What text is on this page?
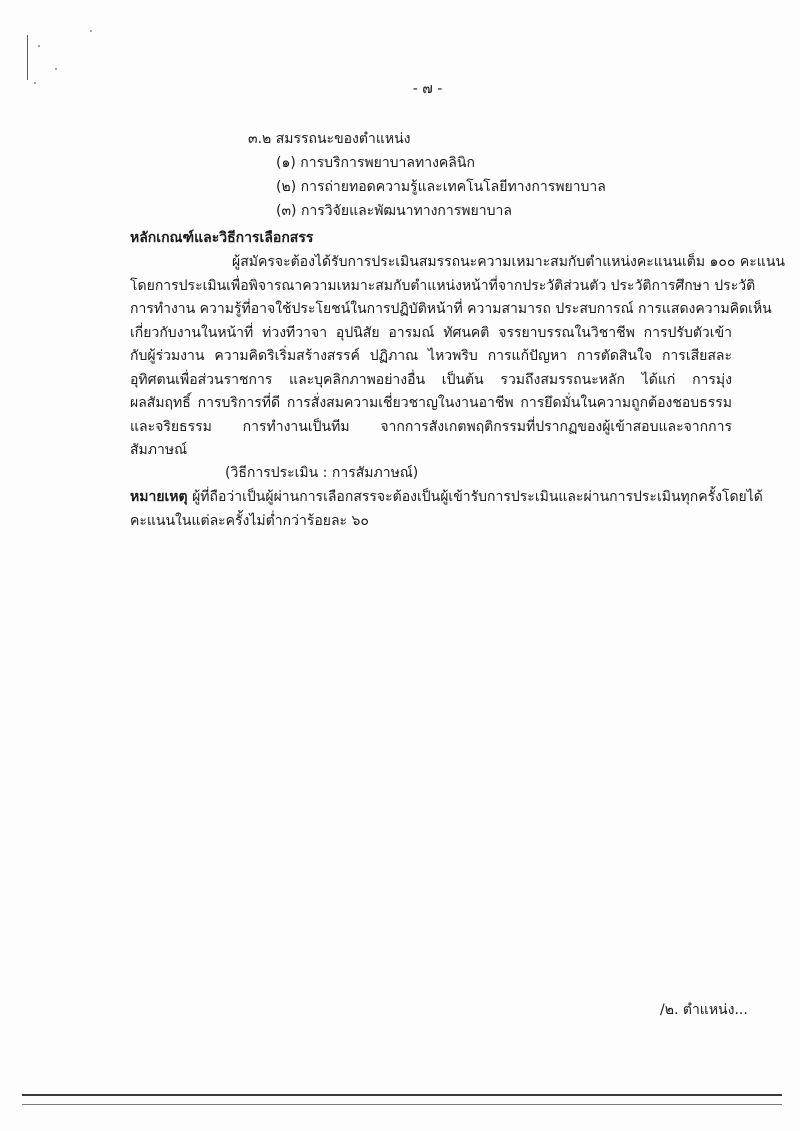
- ๗ -
๓.๒ สมรรถนะของตำแหน่ง
(๑) การบริการพยาบาลทางคลินิก
(๒) การถ่ายทอดความรู้และเทคโนโลยีทางการพยาบาล
(๓) การวิจัยและพัฒนาทางการพยาบาล
หลักเกณฑ์และวิธีการเลือกสรร
ผู้สมัครจะต้องได้รับการประเมินสมรรถนะความเหมาะสมกับตำแหน่งคะแนนเต็ม ๑๐๐ คะแนน
โดยการประเมินเพื่อพิจารณาความเหมาะสมกับตำแหน่งหน้าที่จากประวัติส่วนตัว ประวัติการศึกษา ประวัติ
การทำงาน ความรู้ที่อาจใช้ประโยชน์ในการปฏิบัติหน้าที่ ความสามารถ ประสบการณ์ การแสดงความคิดเห็น
เกี่ยวกับงานในหน้าที่ ท่วงทีวาจา อุปนิสัย อารมณ์ ทัศนคติ จรรยาบรรณในวิชาชีพ การปรับตัวเข้า
กับผู้ร่วมงาน ความคิดริเริ่มสร้างสรรค์ ปฏิภาณ ไหวพริบ การแก้ปัญหา การตัดสินใจ การเสียสละ
อุทิศตนเพื่อส่วนราชการ และบุคลิกภาพอย่างอื่น เป็นต้น รวมถึงสมรรถนะหลัก ได้แก่ การมุ่ง
ผลสัมฤทธิ์ การบริการที่ดี การสั่งสมความเชี่ยวชาญในงานอาชีพ การยึดมั่นในความถูกต้องชอบธรรม
และจริยธรรม การทำงานเป็นทีม จากการสังเกตพฤติกรรมที่ปรากฏของผู้เข้าสอบและจากการ
สัมภาษณ์
(วิธีการประเมิน : การสัมภาษณ์)
หมายเหตุ ผู้ที่ถือว่าเป็นผู้ผ่านการเลือกสรรจะต้องเป็นผู้เข้ารับการประเมินและผ่านการประเมินทุกครั้งโดยได้
คะแนนในแต่ละครั้งไม่ต่ำกว่าร้อยละ ๖๐
/๒. ตำแหน่ง...
